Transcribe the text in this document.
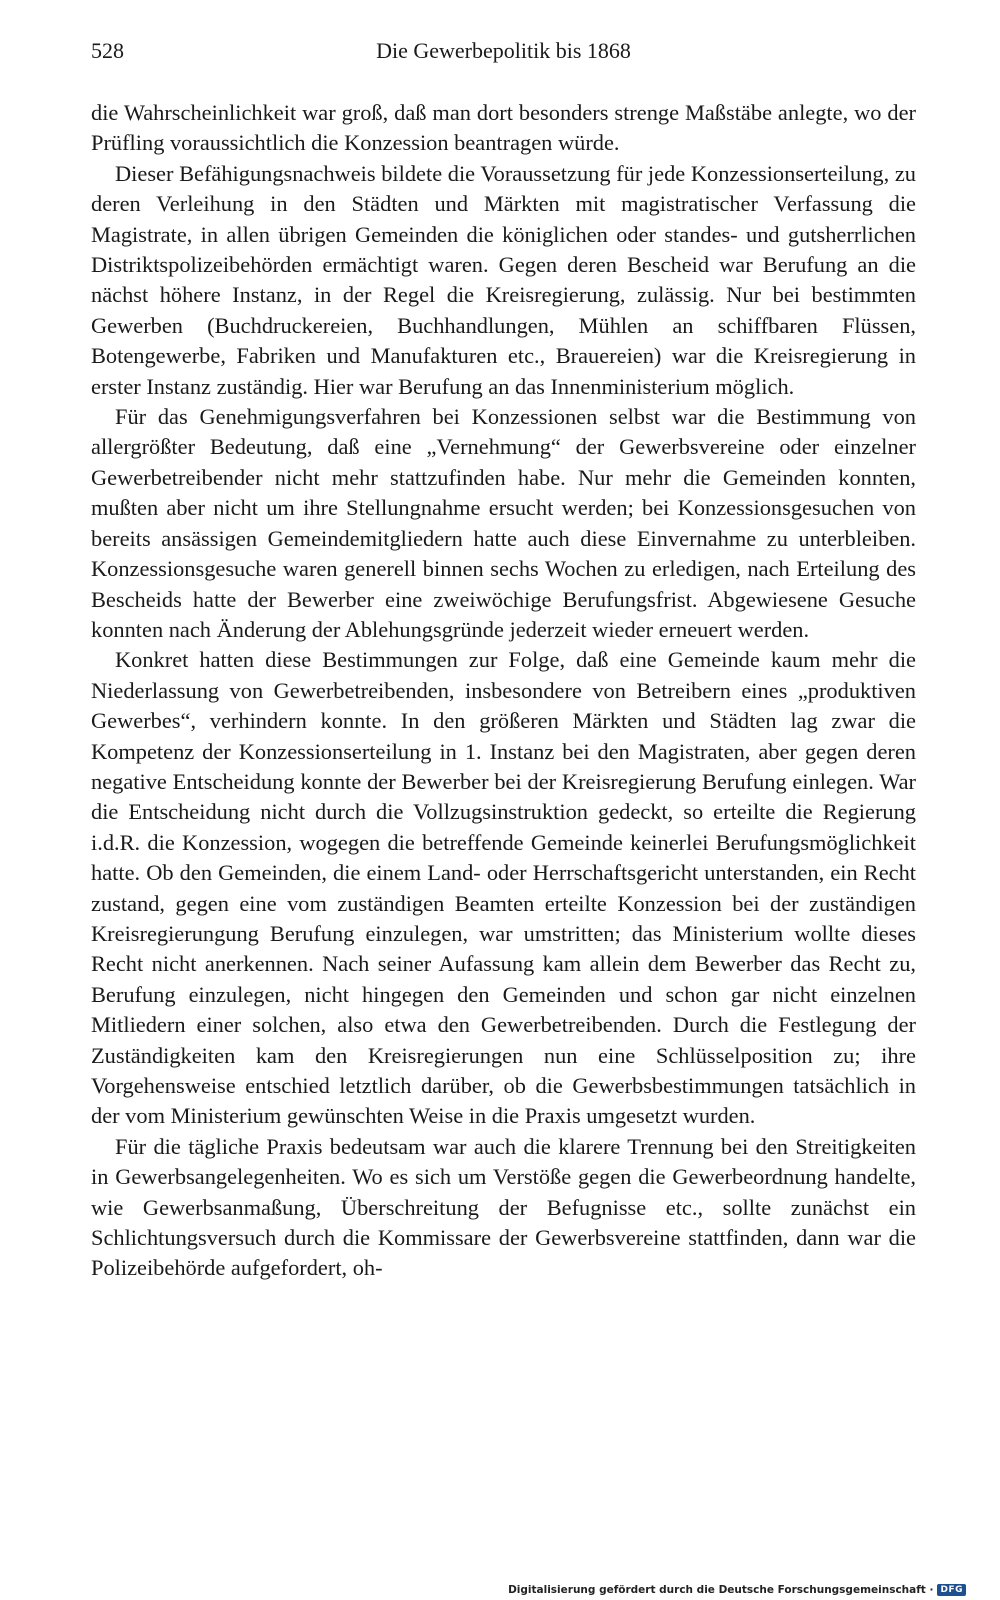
528	Die Gewerbepolitik bis 1868

die Wahrscheinlichkeit war groß, daß man dort besonders strenge Maßstäbe anlegte, wo der Prüfling voraussichtlich die Konzession beantragen würde.

Dieser Befähigungsnachweis bildete die Voraussetzung für jede Konzessionserteilung, zu deren Verleihung in den Städten und Märkten mit magistratischer Verfassung die Magistrate, in allen übrigen Gemeinden die königlichen oder standes- und gutsherrlichen Distriktspolizeibehörden ermächtigt waren. Gegen deren Bescheid war Berufung an die nächst höhere Instanz, in der Regel die Kreisregierung, zulässig. Nur bei bestimmten Gewerben (Buchdruckereien, Buchhandlungen, Mühlen an schiffbaren Flüssen, Botengewerbe, Fabriken und Manufakturen etc., Brauereien) war die Kreisregierung in erster Instanz zuständig. Hier war Berufung an das Innenministerium möglich.

Für das Genehmigungsverfahren bei Konzessionen selbst war die Bestimmung von allergrößter Bedeutung, daß eine „Vernehmung“ der Gewerbsvereine oder einzelner Gewerbetreibender nicht mehr stattzufinden habe. Nur mehr die Gemeinden konnten, mußten aber nicht um ihre Stellungnahme ersucht werden; bei Konzessionsgesuchen von bereits ansässigen Gemeindemitgliedern hatte auch diese Einvernahme zu unterbleiben. Konzessionsgesuche waren generell binnen sechs Wochen zu erledigen, nach Erteilung des Bescheids hatte der Bewerber eine zweiwöchige Berufungsfrist. Abgewiesene Gesuche konnten nach Änderung der Ablehungsgründe jederzeit wieder erneuert werden.

Konkret hatten diese Bestimmungen zur Folge, daß eine Gemeinde kaum mehr die Niederlassung von Gewerbetreibenden, insbesondere von Betreibern eines „produktiven Gewerbes“, verhindern konnte. In den größeren Märkten und Städten lag zwar die Kompetenz der Konzessionserteilung in 1. Instanz bei den Magistraten, aber gegen deren negative Entscheidung konnte der Bewerber bei der Kreisregierung Berufung einlegen. War die Entscheidung nicht durch die Vollzugsinstruktion gedeckt, so erteilte die Regierung i.d.R. die Konzession, wogegen die betreffende Gemeinde keinerlei Berufungsmöglichkeit hatte. Ob den Gemeinden, die einem Land- oder Herrschaftsgericht unterstanden, ein Recht zustand, gegen eine vom zuständigen Beamten erteilte Konzession bei der zuständigen Kreisregierungung Berufung einzulegen, war umstritten; das Ministerium wollte dieses Recht nicht anerkennen. Nach seiner Aufassung kam allein dem Bewerber das Recht zu, Berufung einzulegen, nicht hingegen den Gemeinden und schon gar nicht einzelnen Mitliedern einer solchen, also etwa den Gewerbetreibenden. Durch die Festlegung der Zuständigkeiten kam den Kreisregierungen nun eine Schlüsselposition zu; ihre Vorgehensweise entschied letztlich darüber, ob die Gewerbsbestimmungen tatsächlich in der vom Ministerium gewünschten Weise in die Praxis umgesetzt wurden.

Für die tägliche Praxis bedeutsam war auch die klarere Trennung bei den Streitigkeiten in Gewerbsangelegenheiten. Wo es sich um Verstöße gegen die Gewerbeordnung handelte, wie Gewerbsanmaßung, Überschreitung der Befugnisse etc., sollte zunächst ein Schlichtungsversuch durch die Kommissare der Gewerbsvereine stattfinden, dann war die Polizeibehörde aufgefordert, oh-

Digitalisierung gefördert durch die Deutsche Forschungsgemeinschaft · DFG
